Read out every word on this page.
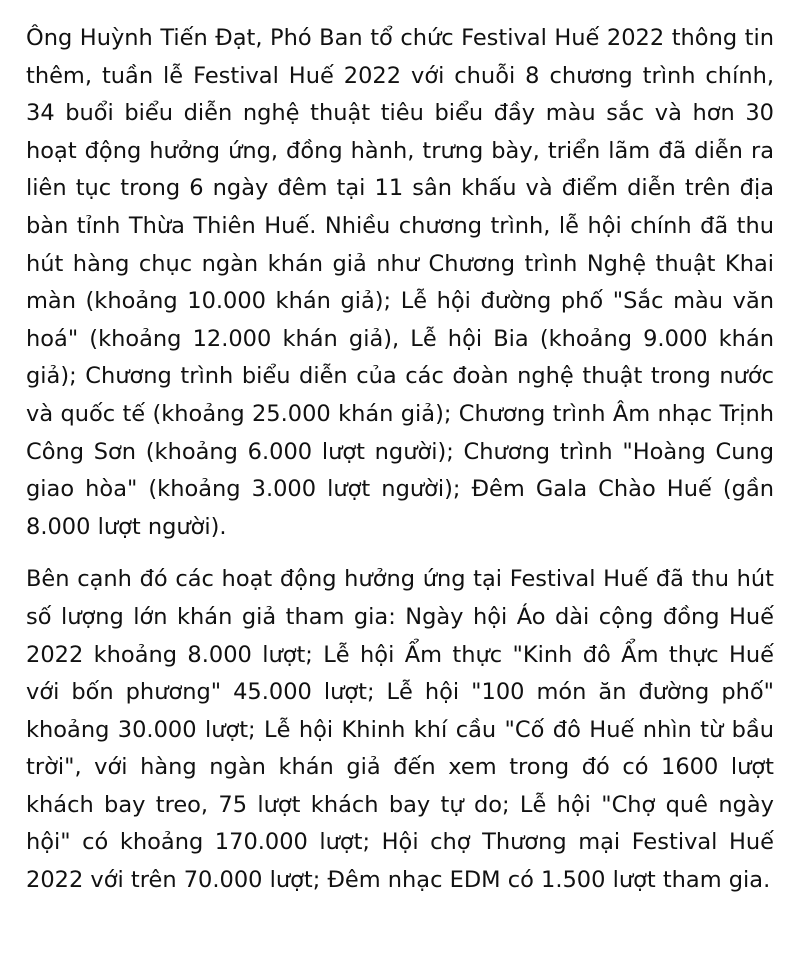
Ông Huỳnh Tiến Đạt, Phó Ban tổ chức Festival Huế 2022 thông tin thêm, tuần lễ Festival Huế 2022 với chuỗi 8 chương trình chính, 34 buổi biểu diễn nghệ thuật tiêu biểu đầy màu sắc và hơn 30 hoạt động hưởng ứng, đồng hành, trưng bày, triển lãm đã diễn ra liên tục trong 6 ngày đêm tại 11 sân khấu và điểm diễn trên địa bàn tỉnh Thừa Thiên Huế. Nhiều chương trình, lễ hội chính đã thu hút hàng chục ngàn khán giả như Chương trình Nghệ thuật Khai màn (khoảng 10.000 khán giả); Lễ hội đường phố "Sắc màu văn hoá" (khoảng 12.000 khán giả), Lễ hội Bia (khoảng 9.000 khán giả); Chương trình biểu diễn của các đoàn nghệ thuật trong nước và quốc tế (khoảng 25.000 khán giả); Chương trình Âm nhạc Trịnh Công Sơn (khoảng 6.000 lượt người); Chương trình "Hoàng Cung giao hòa" (khoảng 3.000 lượt người); Đêm Gala Chào Huế (gần 8.000 lượt người).

Bên cạnh đó các hoạt động hưởng ứng tại Festival Huế đã thu hút số lượng lớn khán giả tham gia: Ngày hội Áo dài cộng đồng Huế 2022 khoảng 8.000 lượt; Lễ hội Ẩm thực "Kinh đô Ẩm thực Huế với bốn phương" 45.000 lượt; Lễ hội "100 món ăn đường phố" khoảng 30.000 lượt; Lễ hội Khinh khí cầu "Cố đô Huế nhìn từ bầu trời", với hàng ngàn khán giả đến xem trong đó có 1600 lượt khách bay treo, 75 lượt khách bay tự do; Lễ hội "Chợ quê ngày hội" có khoảng 170.000 lượt; Hội chợ Thương mại Festival Huế 2022 với trên 70.000 lượt; Đêm nhạc EDM có 1.500 lượt tham gia.
